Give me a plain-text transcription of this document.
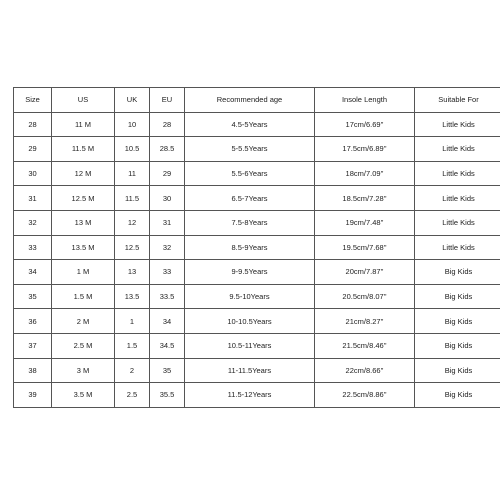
Size	US	UK	EU	Recommended age	Insole Length	Suitable For
28	11 M	10	28	4.5-5Years	17cm/6.69''	Little Kids
29	11.5 M	10.5	28.5	5-5.5Years	17.5cm/6.89''	Little Kids
30	12 M	11	29	5.5-6Years	18cm/7.09''	Little Kids
31	12.5 M	11.5	30	6.5-7Years	18.5cm/7.28''	Little Kids
32	13 M	12	31	7.5-8Years	19cm/7.48''	Little Kids
33	13.5 M	12.5	32	8.5-9Years	19.5cm/7.68''	Little Kids
34	1 M	13	33	9-9.5Years	20cm/7.87''	Big Kids
35	1.5 M	13.5	33.5	9.5-10Years	20.5cm/8.07''	Big Kids
36	2 M	1	34	10-10.5Years	21cm/8.27''	Big Kids
37	2.5 M	1.5	34.5	10.5-11Years	21.5cm/8.46''	Big Kids
38	3 M	2	35	11-11.5Years	22cm/8.66''	Big Kids
39	3.5 M	2.5	35.5	11.5-12Years	22.5cm/8.86''	Big Kids
